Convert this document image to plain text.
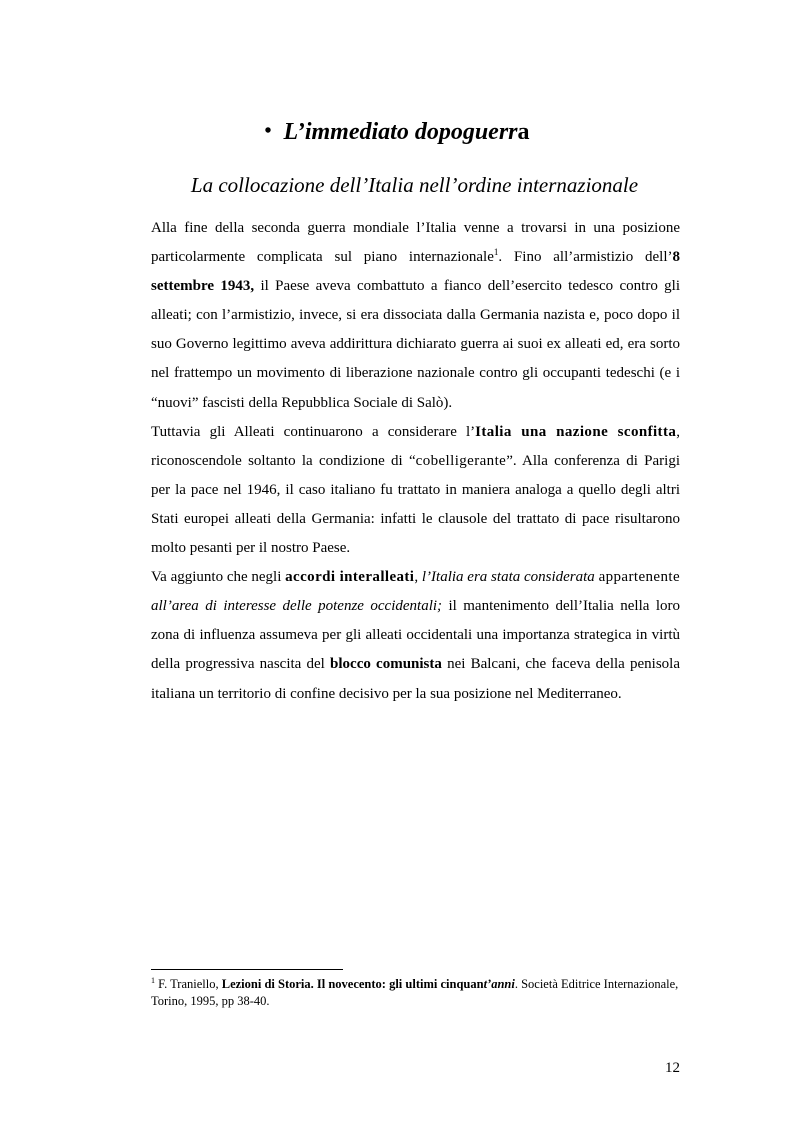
• L’immediato dopoguerra
La collocazione dell’Italia nell’ordine internazionale

Alla fine della seconda guerra mondiale l’Italia venne a trovarsi in una posizione particolarmente complicata sul piano internazionale$^1$. Fino all’armistizio dell’8 settembre 1943, il Paese aveva combattuto a fianco dell’esercito tedesco contro gli alleati; con l’armistizio, invece, si era dissociata dalla Germania nazista e, poco dopo il suo Governo legittimo aveva addirittura dichiarato guerra ai suoi ex alleati ed, era sorto nel frattempo un movimento di liberazione nazionale contro gli occupanti tedeschi (e i “nuovi” fascisti della Repubblica Sociale di Salò).

Tuttavia gli Alleati continuarono a considerare l’Italia una nazione sconfitta, riconoscendole soltanto la condizione di “cobelligerante”. Alla conferenza di Parigi per la pace nel 1946, il caso italiano fu trattato in maniera analoga a quello degli altri Stati europei alleati della Germania: infatti le clausole del trattato di pace risultarono molto pesanti per il nostro Paese.

Va aggiunto che negli accordi interalleati, l’Italia era stata considerata appartenente all’area di interesse delle potenze occidentali; il mantenimento dell’Italia nella loro zona di influenza assumeva per gli alleati occidentali una importanza strategica in virtù della progressiva nascita del blocco comunista nei Balcani, che faceva della penisola italiana un territorio di confine decisivo per la sua posizione nel Mediterraneo.

$^1$ F. Traniello, Lezioni di Storia. Il novecento: gli ultimi cinquant’anni. Società Editrice Internazionale, Torino, 1995, pp 38-40.
12
